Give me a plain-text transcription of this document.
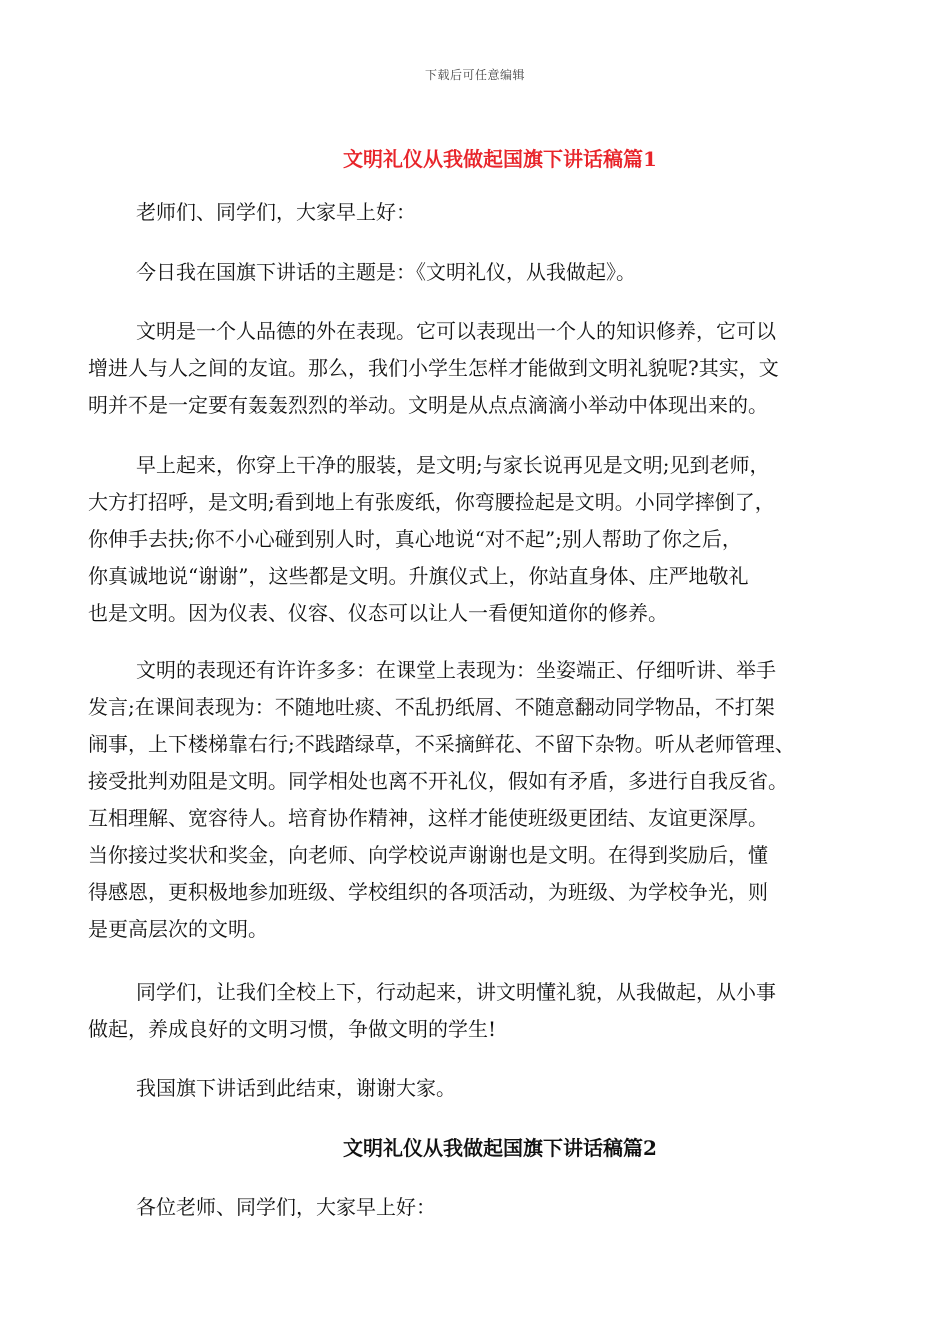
下载后可任意编辑
文明礼仪从我做起国旗下讲话稿篇1

老师们、同学们，大家早上好：

今日我在国旗下讲话的主题是：《文明礼仪，从我做起》。

文明是一个人品德的外在表现。它可以表现出一个人的知识修养，它可以
增进人与人之间的友谊。那么，我们小学生怎样才能做到文明礼貌呢?其实，文
明并不是一定要有轰轰烈烈的举动。文明是从点点滴滴小举动中体现出来的。
早上起来，你穿上干净的服装，是文明;与家长说再见是文明;见到老师，
大方打招呼，是文明;看到地上有张废纸，你弯腰捡起是文明。小同学摔倒了，
你伸手去扶;你不小心碰到别人时，真心地说“对不起”;别人帮助了你之后，
你真诚地说“谢谢”，这些都是文明。升旗仪式上，你站直身体、庄严地敬礼
也是文明。因为仪表、仪容、仪态可以让人一看便知道你的修养。
文明的表现还有许许多多：在课堂上表现为：坐姿端正、仔细听讲、举手
发言;在课间表现为：不随地吐痰、不乱扔纸屑、不随意翻动同学物品，不打架
闹事，上下楼梯靠右行;不践踏绿草，不采摘鲜花、不留下杂物。听从老师管理、
接受批判劝阻是文明。同学相处也离不开礼仪，假如有矛盾，多进行自我反省。
互相理解、宽容待人。培育协作精神，这样才能使班级更团结、友谊更深厚。
当你接过奖状和奖金，向老师、向学校说声谢谢也是文明。在得到奖励后，懂
得感恩，更积极地参加班级、学校组织的各项活动，为班级、为学校争光，则
是更高层次的文明。
同学们，让我们全校上下，行动起来，讲文明懂礼貌，从我做起，从小事
做起，养成良好的文明习惯，争做文明的学生!

我国旗下讲话到此结束，谢谢大家。

文明礼仪从我做起国旗下讲话稿篇2

各位老师、同学们，大家早上好：
